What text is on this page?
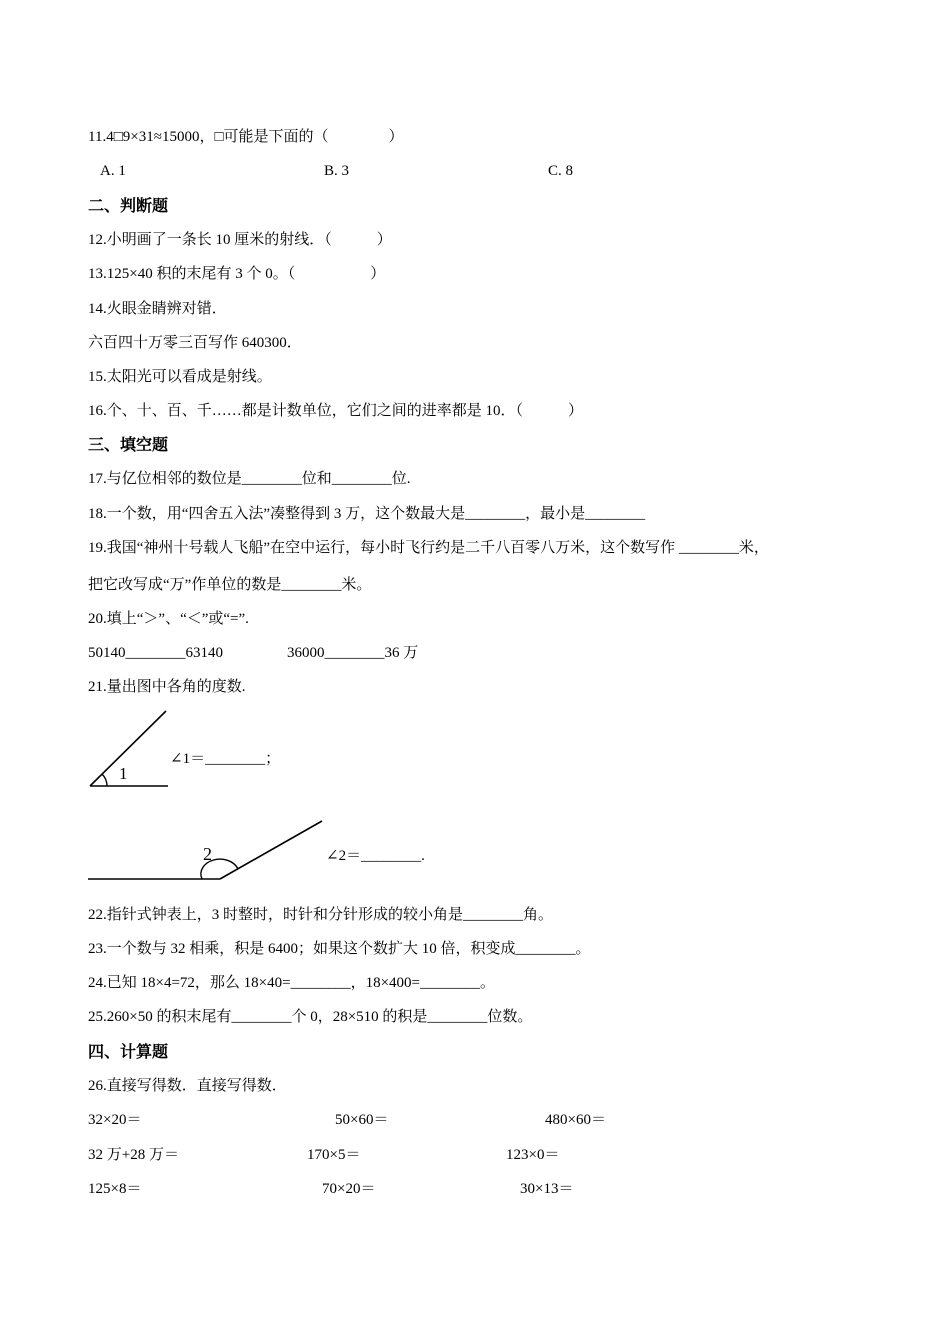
11.4□9×31≈15000，□可能是下面的（　　　　）
A. 1	B. 3	C. 8
二、判断题
12.小明画了一条长 10 厘米的射线．（　　　）
13.125×40 积的末尾有 3 个 0。（　　　　　）
14.火眼金睛辨对错．
六百四十万零三百写作 640300．
15.太阳光可以看成是射线。
16.个、十、百、千……都是计数单位，它们之间的进率都是 10．（　　　）
三、填空题
17.与亿位相邻的数位是________位和________位.
18.一个数，用“四舍五入法”凑整得到 3 万，这个数最大是________，最小是________
19.我国“神州十号载人飞船”在空中运行，每小时飞行约是二千八百零八万米，这个数写作 ________米，
把它改写成“万”作单位的数是________米。
20.填上“＞”、“＜”或“=”.
50140________63140	36000________36 万
21.量出图中各角的度数.
1
∠1＝________；
2	∠2＝________.
22.指针式钟表上，3 时整时，时针和分针形成的较小角是________角。
23.一个数与 32 相乘，积是 6400；如果这个数扩大 10 倍，积变成________。
24.已知 18×4=72，那么 18×40=________，18×400=________。
25.260×50 的积末尾有________个 0，28×510 的积是________位数。
四、计算题
26.直接写得数．直接写得数．
32×20＝	50×60＝	480×60＝
32 万+28 万＝	170×5＝	123×0＝
125×8＝	70×20＝	30×13＝
